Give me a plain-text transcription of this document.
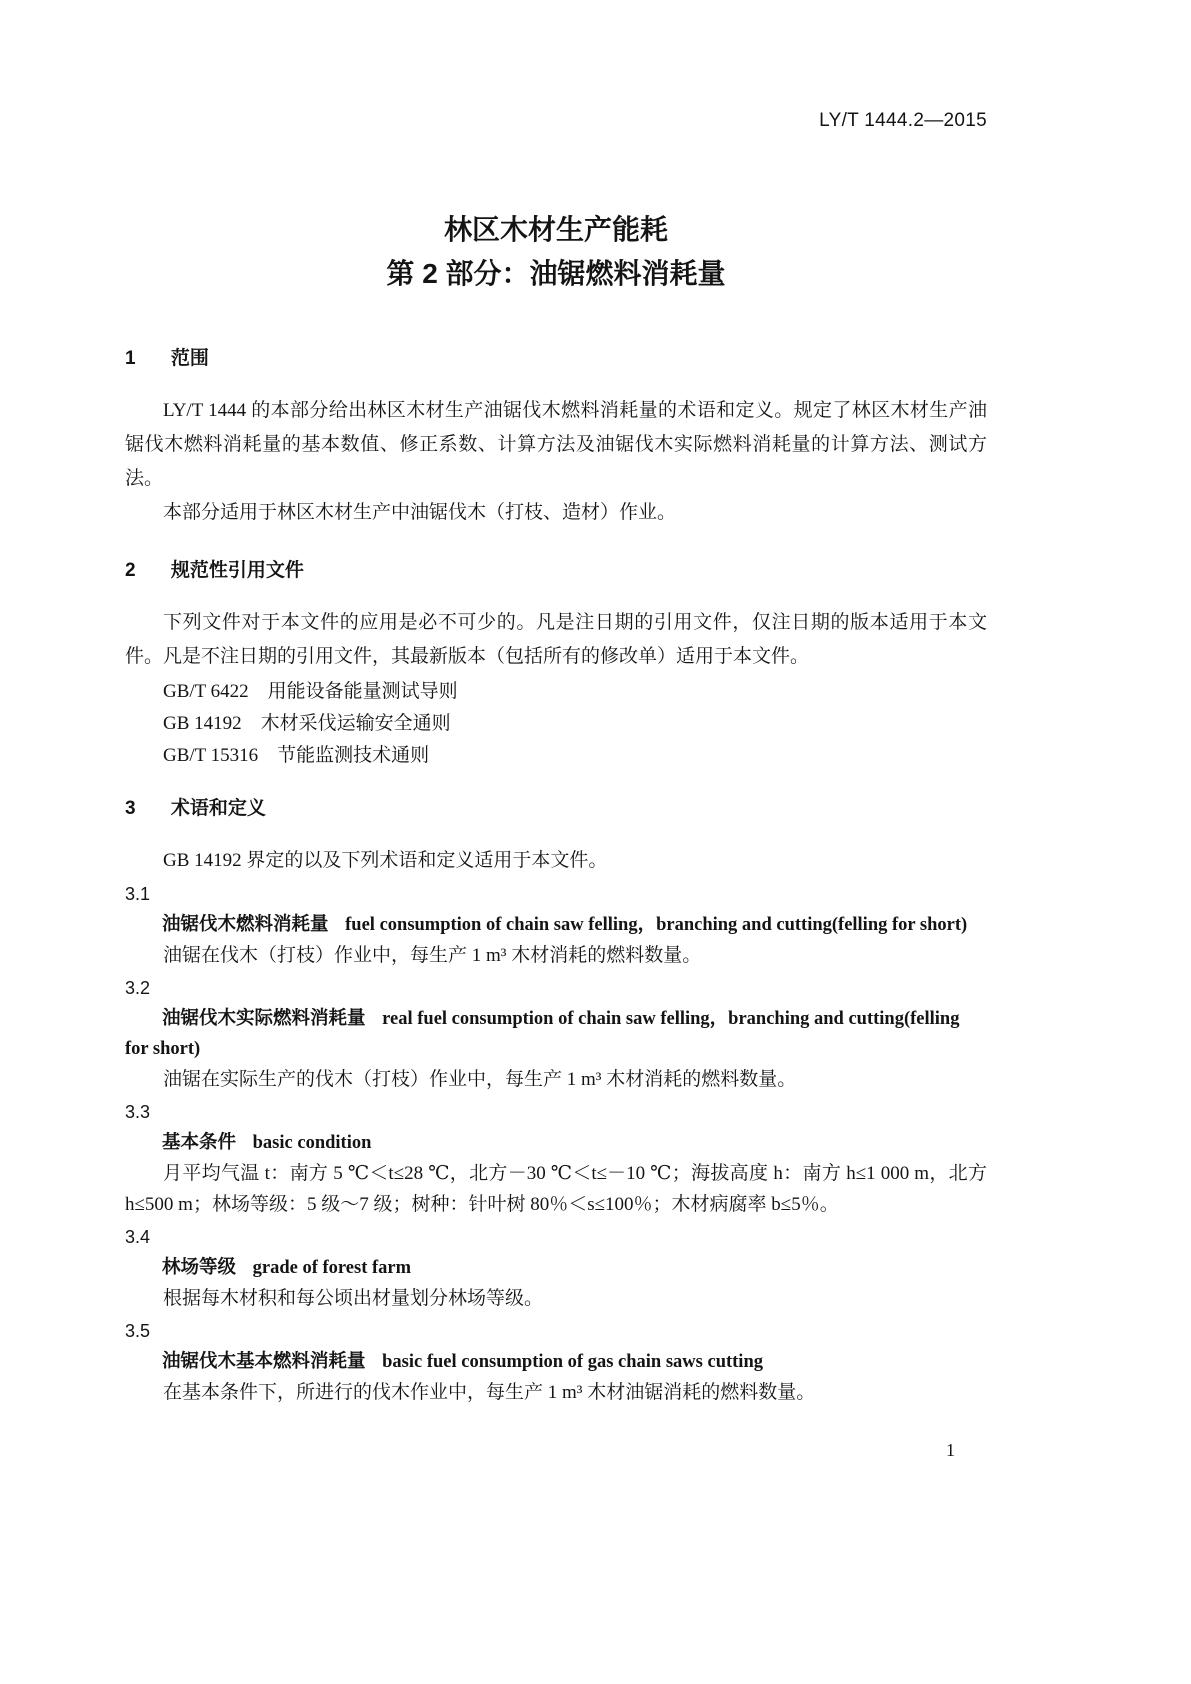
LY/T 1444.2—2015
林区木材生产能耗
第 2 部分：油锯燃料消耗量
1 范围

LY/T 1444 的本部分给出林区木材生产油锯伐木燃料消耗量的术语和定义。规定了林区木材生产油锯伐木燃料消耗量的基本数值、修正系数、计算方法及油锯伐木实际燃料消耗量的计算方法、测试方法。

本部分适用于林区木材生产中油锯伐木（打枝、造材）作业。

2 规范性引用文件

下列文件对于本文件的应用是必不可少的。凡是注日期的引用文件，仅注日期的版本适用于本文件。凡是不注日期的引用文件，其最新版本（包括所有的修改单）适用于本文件。

GB/T 6422　用能设备能量测试导则

GB 14192　木材采伐运输安全通则

GB/T 15316　节能监测技术通则

3 术语和定义

GB 14192 界定的以及下列术语和定义适用于本文件。

3.1
油锯伐木燃料消耗量 fuel consumption of chain saw felling，branching and cutting(felling for short)

油锯在伐木（打枝）作业中，每生产 1 m³ 木材消耗的燃料数量。

3.2
油锯伐木实际燃料消耗量 real fuel consumption of chain saw felling，branching and cutting(felling for short)

油锯在实际生产的伐木（打枝）作业中，每生产 1 m³ 木材消耗的燃料数量。

3.3
基本条件 basic condition

月平均气温 t：南方 5 ℃＜t≤28 ℃，北方－30 ℃＜t≤－10 ℃；海拔高度 h：南方 h≤1 000 m，北方 h≤500 m；林场等级：5 级～7 级；树种：针叶树 80％＜s≤100％；木材病腐率 b≤5％。

3.4
林场等级 grade of forest farm

根据每木材积和每公顷出材量划分林场等级。

3.5
油锯伐木基本燃料消耗量 basic fuel consumption of gas chain saws cutting

在基本条件下，所进行的伐木作业中，每生产 1 m³ 木材油锯消耗的燃料数量。

1
